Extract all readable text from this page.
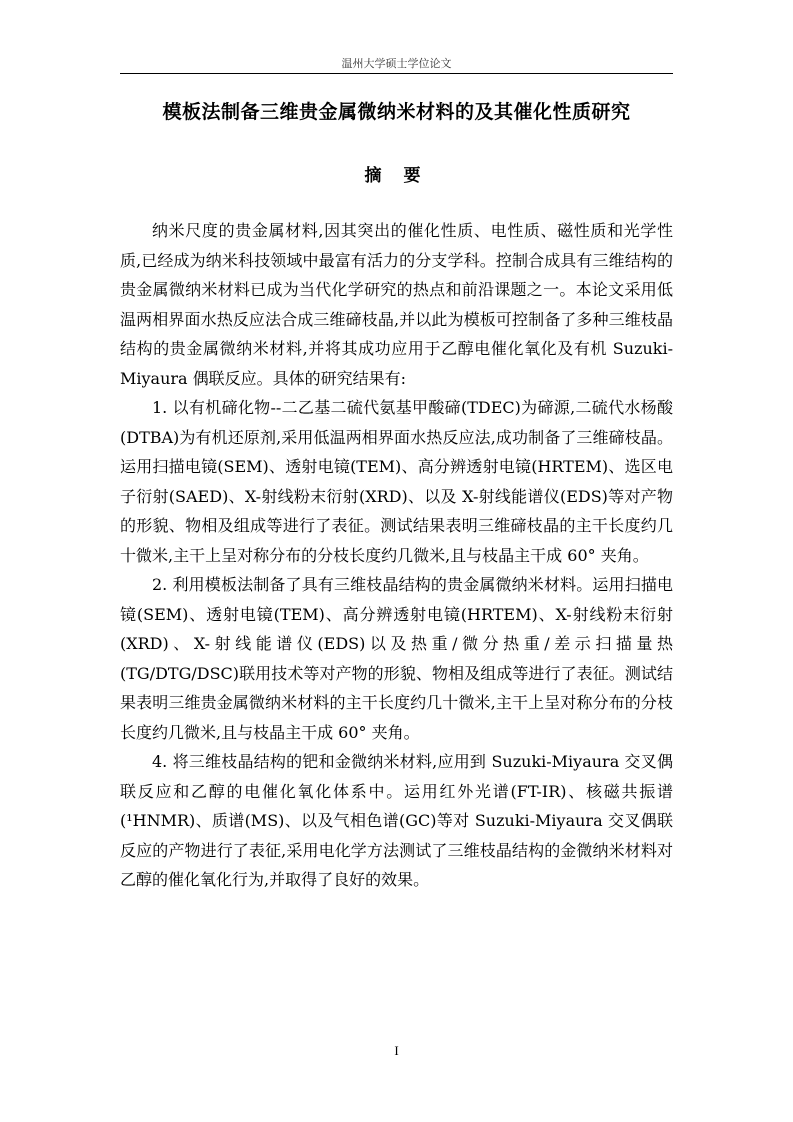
温州大学硕士学位论文
模板法制备三维贵金属微纳米材料的及其催化性质研究
摘 要

纳米尺度的贵金属材料,因其突出的催化性质、电性质、磁性质和光学性质,已经成为纳米科技领域中最富有活力的分支学科。控制合成具有三维结构的贵金属微纳米材料已成为当代化学研究的热点和前沿课题之一。本论文采用低温两相界面水热反应法合成三维碲枝晶,并以此为模板可控制备了多种三维枝晶结构的贵金属微纳米材料,并将其成功应用于乙醇电催化氧化及有机 Suzuki-Miyaura 偶联反应。具体的研究结果有:

1. 以有机碲化物--二乙基二硫代氨基甲酸碲(TDEC)为碲源,二硫代水杨酸(DTBA)为有机还原剂,采用低温两相界面水热反应法,成功制备了三维碲枝晶。运用扫描电镜(SEM)、透射电镜(TEM)、高分辨透射电镜(HRTEM)、选区电子衍射(SAED)、X-射线粉末衍射(XRD)、以及 X-射线能谱仪(EDS)等对产物的形貌、物相及组成等进行了表征。测试结果表明三维碲枝晶的主干长度约几十微米,主干上呈对称分布的分枝长度约几微米,且与枝晶主干成 60° 夹角。

2. 利用模板法制备了具有三维枝晶结构的贵金属微纳米材料。运用扫描电镜(SEM)、透射电镜(TEM)、高分辨透射电镜(HRTEM)、X-射线粉末衍射(XRD)、X-射线能谱仪(EDS)以及热重/微分热重/差示扫描量热(TG/DTG/DSC)联用技术等对产物的形貌、物相及组成等进行了表征。测试结果表明三维贵金属微纳米材料的主干长度约几十微米,主干上呈对称分布的分枝长度约几微米,且与枝晶主干成 60° 夹角。

4. 将三维枝晶结构的钯和金微纳米材料,应用到 Suzuki-Miyaura 交叉偶联反应和乙醇的电催化氧化体系中。运用红外光谱(FT-IR)、核磁共振谱(¹HNMR)、质谱(MS)、以及气相色谱(GC)等对 Suzuki-Miyaura 交叉偶联反应的产物进行了表征,采用电化学方法测试了三维枝晶结构的金微纳米材料对乙醇的催化氧化行为,并取得了良好的效果。

I
